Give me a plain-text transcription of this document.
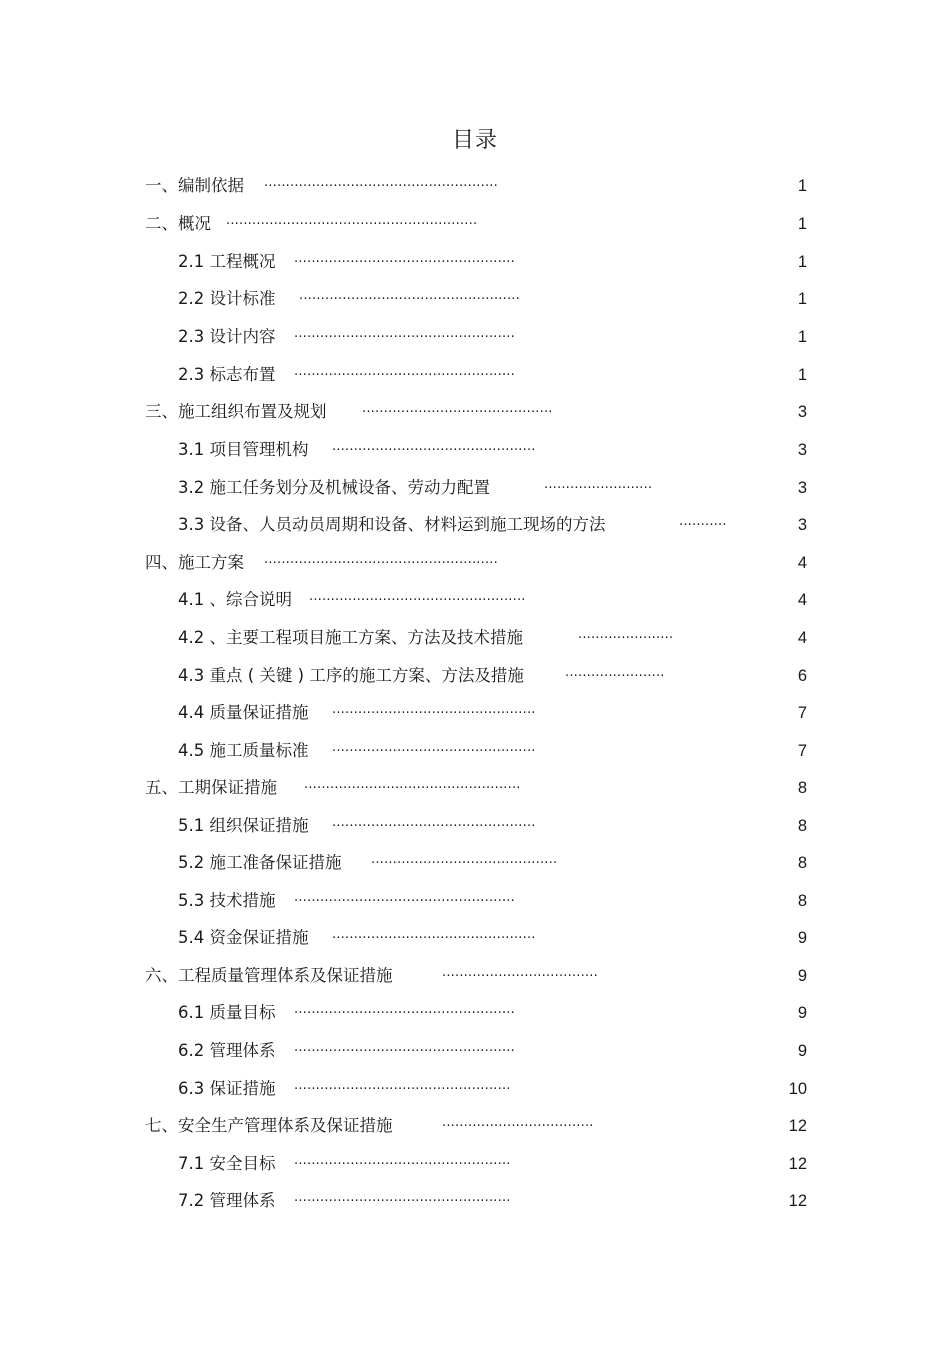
目录
一、编制依据 ......................................................	1
二、概况 ..........................................................	1
2.1 工程概况 ...................................................	1
2.2 设计标准 ...................................................	1
2.3 设计内容 ...................................................	1
2.3 标志布置 ...................................................	1
三、施工组织布置及规划	............................................	3
3.1 项目管理机构 ...............................................	3
3.2 施工任务划分及机械设备、劳动力配置	.........................	3
3.3 设备、人员动员周期和设备、材料运到施工现场的方法	...........	3
四、施工方案 ......................................................	4
4.1 、综合说明 ..................................................	4
4.2 、主要工程项目施工方案、方法及技术措施	......................	4
4.3 重点 ( 关键 ) 工序的施工方案、方法及措施	.......................	6
4.4 质量保证措施 ...............................................	7
4.5 施工质量标准 ...............................................	7
五、工期保证措施 ..................................................	8
5.1 组织保证措施 ...............................................	8
5.2 施工准备保证措施 ...........................................	8
5.3 技术措施 ...................................................	8
5.4 资金保证措施 ...............................................	9
六、工程质量管理体系及保证措施	....................................	9
6.1 质量目标 ...................................................	9
6.2 管理体系 ...................................................	9
6.3 保证措施 ..................................................	10
七、安全生产管理体系及保证措施	...................................	12
7.1 安全目标 ..................................................	12
7.2 管理体系 ..................................................	12
